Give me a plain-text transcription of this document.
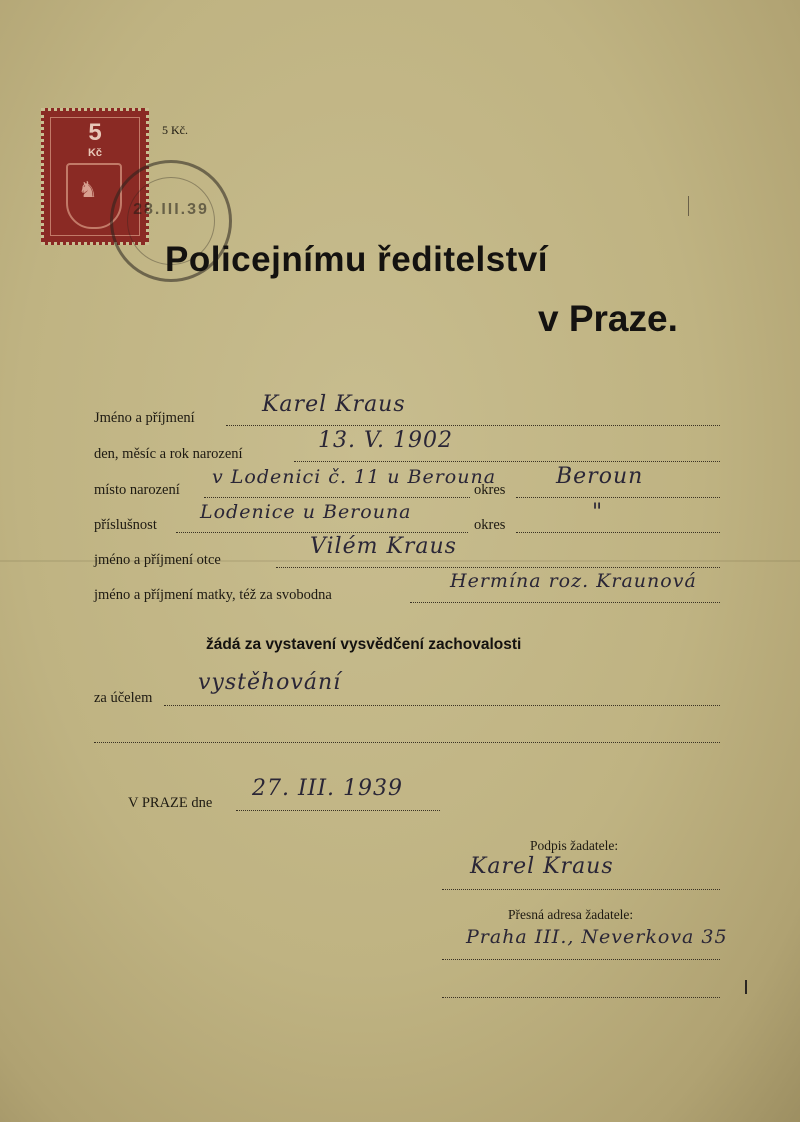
5
Kč
♞
5 Kč.
28.III.39
Policejnímu ředitelství
v Praze.
Jméno a příjmení
Karel Kraus
den, měsíc a rok narození
13. V. 1902
místo narození
v Lodenici č. 11 u Berouna
okres
Beroun
příslušnost
Lodenice u Berouna
okres	"
jméno a příjmení otce
Vilém Kraus
jméno a příjmení matky, též za svobodna
Hermína roz. Kraunová
žádá za vystavení vysvědčení zachovalosti
za účelem
vystěhování
V PRAZE dne
27. III. 1939
Podpis žadatele:
Karel Kraus
Přesná adresa žadatele:
Praha III., Neverkova 35
